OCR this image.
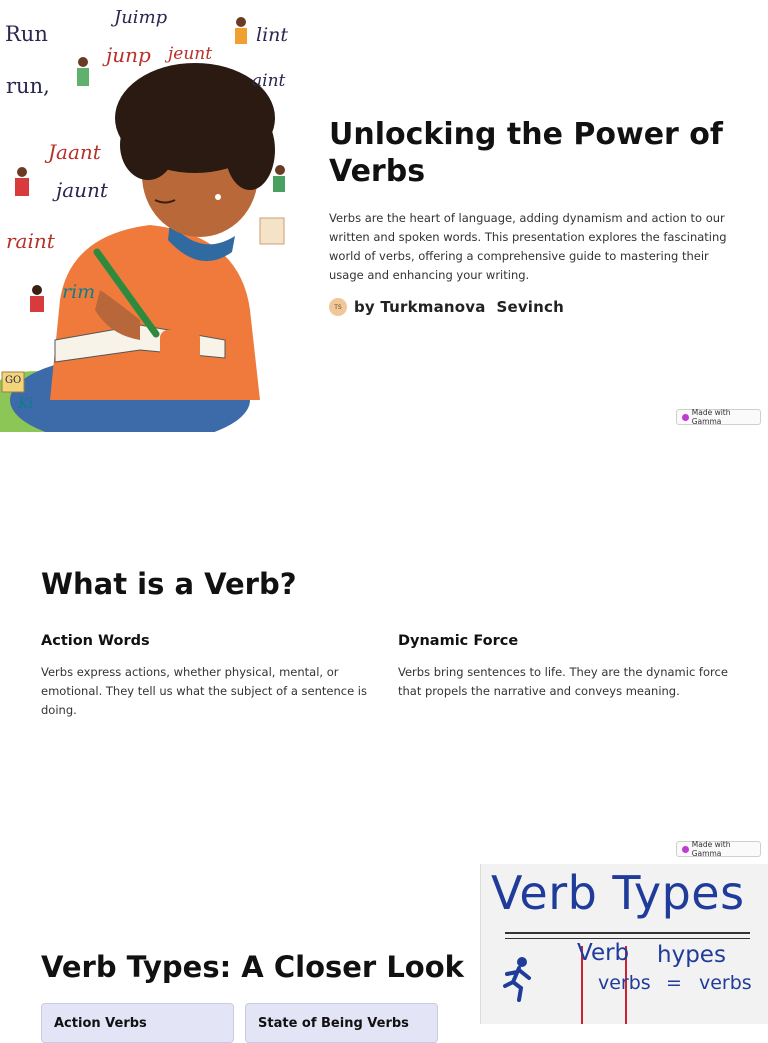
Run
run,
Juimp
junp jeunt
lint
aint
Jaant
jaunt
raint
rim
GO
Ki
Unlocking the Power of Verbs

Verbs are the heart of language, adding dynamism and action to our written and spoken words. This presentation explores the fascinating world of verbs, offering a comprehensive guide to mastering their usage and enhancing your writing.

TS by Turkmanova  Sevinch
Made with Gamma
What is a Verb?
Action Words

Verbs express actions, whether physical, mental, or emotional. They tell us what the subject of a sentence is doing.

Dynamic Force

Verbs bring sentences to life. They are the dynamic force that propels the narrative and conveys meaning.

Made with Gamma
Verb Types: A Closer Look
Action Verbs	State of Being Verbs
Verb Types
Verb hypes
verbs = verbs
